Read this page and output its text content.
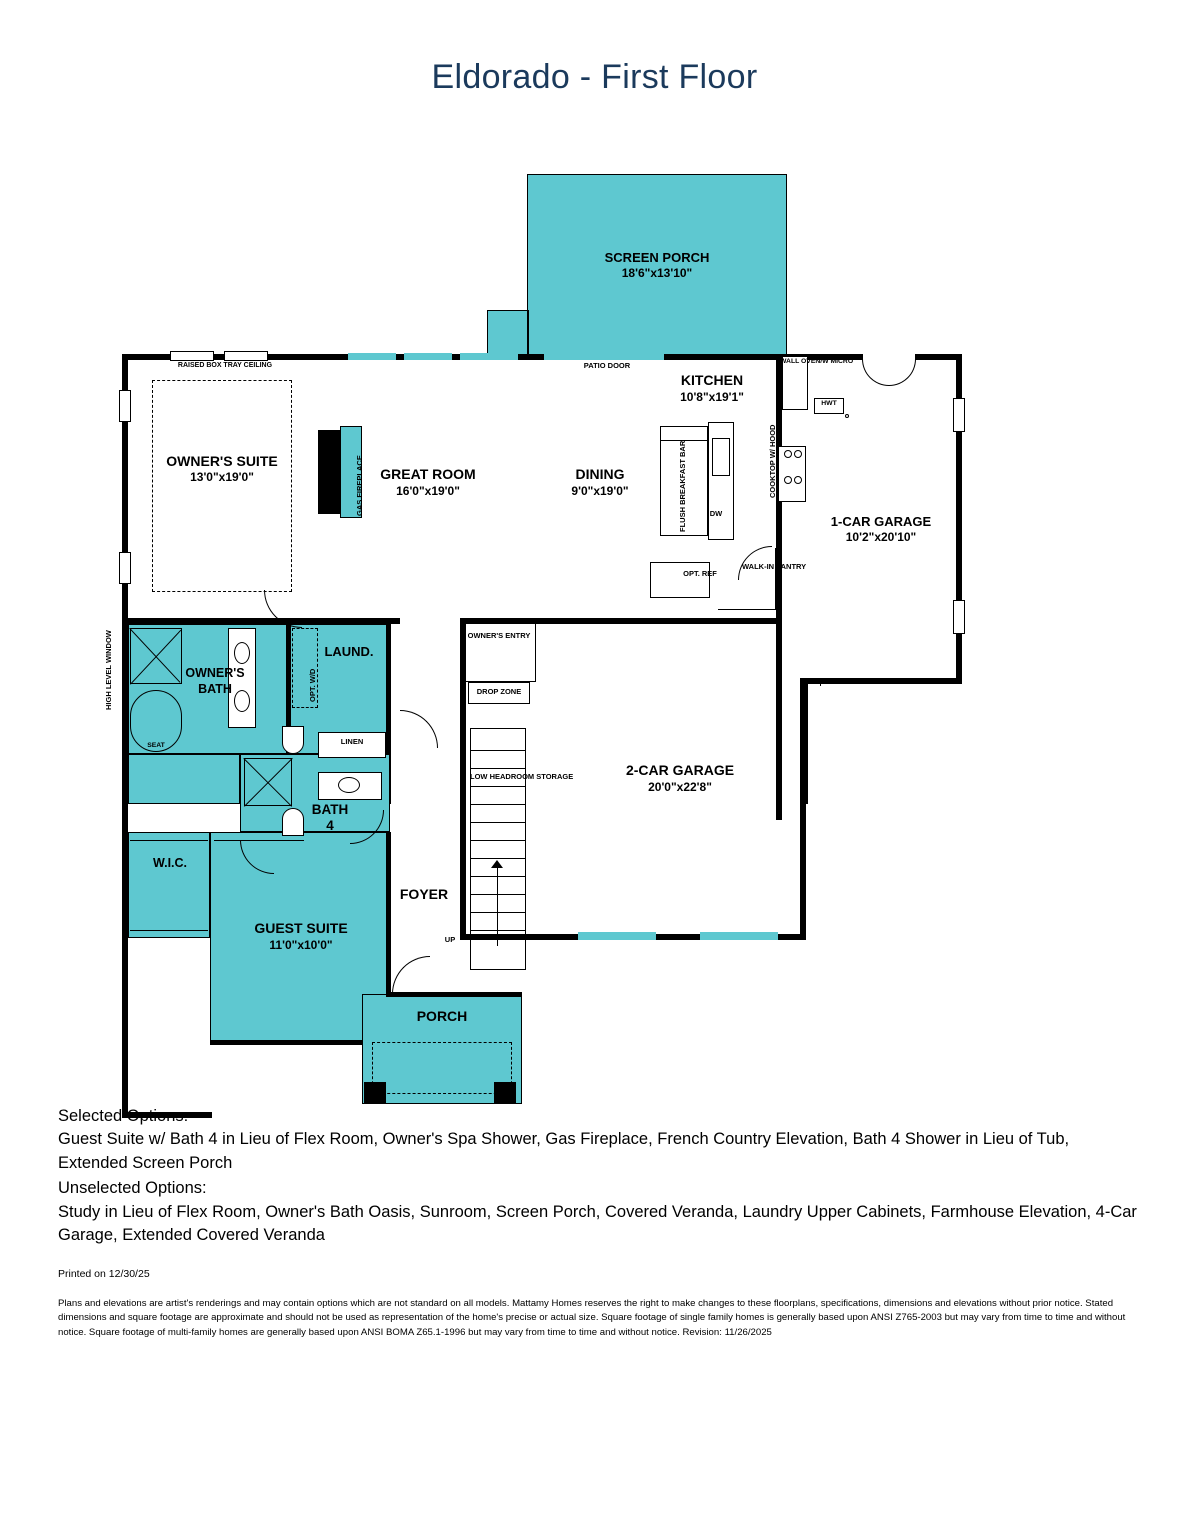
Eldorado - First Floor
SCREEN PORCH
18'6"x13'10"
UP
OWNER'S ENTRY
DROP ZONE
LOW HEADROOM STORAGE
RAISED BOX TRAY CEILING	PATIO DOOR
GAS FIREPLACE	FLUSH BREAKFAST BAR	DW
WALL OVEN/W MICRO
HWT
COOKTOP W/ HOOD
OPT. REF
WALK-IN PANTRY
SEAT
OPT. W/D
LINEN
HIGH LEVEL WINDOW
KITCHEN
10'8"x19'1"
OWNER'S SUITE
13'0"x19'0"	GREAT ROOM
16'0"x19'0"
DINING
9'0"x19'0"
1-CAR GARAGE
10'2"x20'10"
2-CAR GARAGE
20'0"x22'8"
GUEST SUITE
11'0"x10'0"
OWNER'S
BATH
LAUND.
BATH
4
W.I.C.
FOYER
PORCH
Selected Options:
Guest Suite w/ Bath 4 in Lieu of Flex Room, Owner's Spa Shower, Gas Fireplace, French Country Elevation, Bath 4 Shower in Lieu of Tub, Extended Screen Porch
Unselected Options:
Study in Lieu of Flex Room, Owner's Bath Oasis, Sunroom, Screen Porch, Covered Veranda, Laundry Upper Cabinets, Farmhouse Elevation, 4-Car Garage, Extended Covered Veranda
Printed on 12/30/25
Plans and elevations are artist's renderings and may contain options which are not standard on all models. Mattamy Homes reserves the right to make changes to these floorplans, specifications, dimensions and elevations without prior notice. Stated dimensions and square footage are approximate and should not be used as representation of the home's precise or actual size. Square footage of single family homes is generally based upon ANSI Z765-2003 but may vary from time to time and without notice. Square footage of multi-family homes are generally based upon ANSI BOMA Z65.1-1996 but may vary from time to time and without notice. Revision: 11/26/2025
